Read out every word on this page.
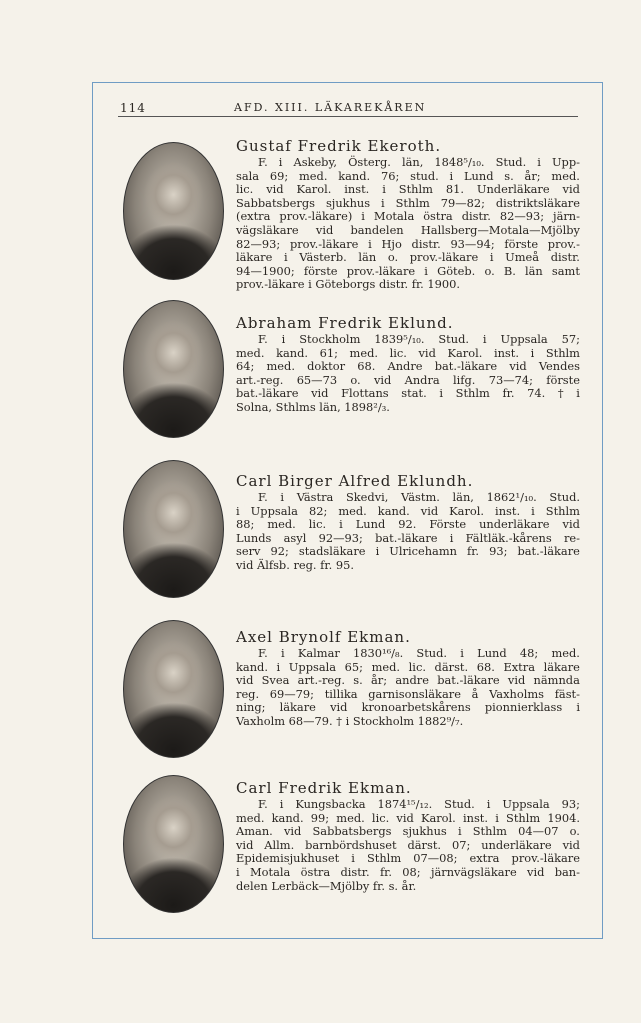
114	AFD. XIII. LÄKAREKÅREN
Gustaf Fredrik Ekeroth.
F. i Askeby, Österg. län, 1848⁵/₁₀. Stud. i Upp-
sala 69; med. kand. 76; stud. i Lund s. år; med.
lic. vid Karol. inst. i Sthlm 81. Underläkare vid
Sabbatsbergs sjukhus i Sthlm 79—82; distriktsläkare
(extra prov.-läkare) i Motala östra distr. 82—93; järn-
vägsläkare vid bandelen Hallsberg—Motala—Mjölby
82—93; prov.-läkare i Hjo distr. 93—94; förste prov.-
läkare i Västerb. län o. prov.-läkare i Umeå distr.
94—1900; förste prov.-läkare i Göteb. o. B. län samt
prov.-läkare i Göteborgs distr. fr. 1900.
Abraham Fredrik Eklund.
F. i Stockholm 1839⁵/₁₀. Stud. i Uppsala 57;
med. kand. 61; med. lic. vid Karol. inst. i Sthlm
64; med. doktor 68. Andre bat.-läkare vid Vendes
art.-reg. 65—73 o. vid Andra lifg. 73—74; förste
bat.-läkare vid Flottans stat. i Sthlm fr. 74. † i
Solna, Sthlms län, 1898²/₃.
Carl Birger Alfred Eklundh.
F. i Västra Skedvi, Västm. län, 1862¹/₁₀. Stud.
i Uppsala 82; med. kand. vid Karol. inst. i Sthlm
88; med. lic. i Lund 92. Förste underläkare vid
Lunds asyl 92—93; bat.-läkare i Fältläk.-kårens re-
serv 92; stadsläkare i Ulricehamn fr. 93; bat.-läkare
vid Älfsb. reg. fr. 95.
Axel Brynolf Ekman.
F. i Kalmar 1830¹⁶/₈. Stud. i Lund 48; med.
kand. i Uppsala 65; med. lic. därst. 68. Extra läkare
vid Svea art.-reg. s. år; andre bat.-läkare vid nämnda
reg. 69—79; tillika garnisonsläkare å Vaxholms fäst-
ning; läkare vid kronoarbetskårens pionnierklass i
Vaxholm 68—79. † i Stockholm 1882⁹/₇.
Carl Fredrik Ekman.
F. i Kungsbacka 1874¹⁵/₁₂. Stud. i Uppsala 93;
med. kand. 99; med. lic. vid Karol. inst. i Sthlm 1904.
Aman. vid Sabbatsbergs sjukhus i Sthlm 04—07 o.
vid Allm. barnbördshuset därst. 07; underläkare vid
Epidemisjukhuset i Sthlm 07—08; extra prov.-läkare
i Motala östra distr. fr. 08; järnvägsläkare vid ban-
delen Lerbäck—Mjölby fr. s. år.
